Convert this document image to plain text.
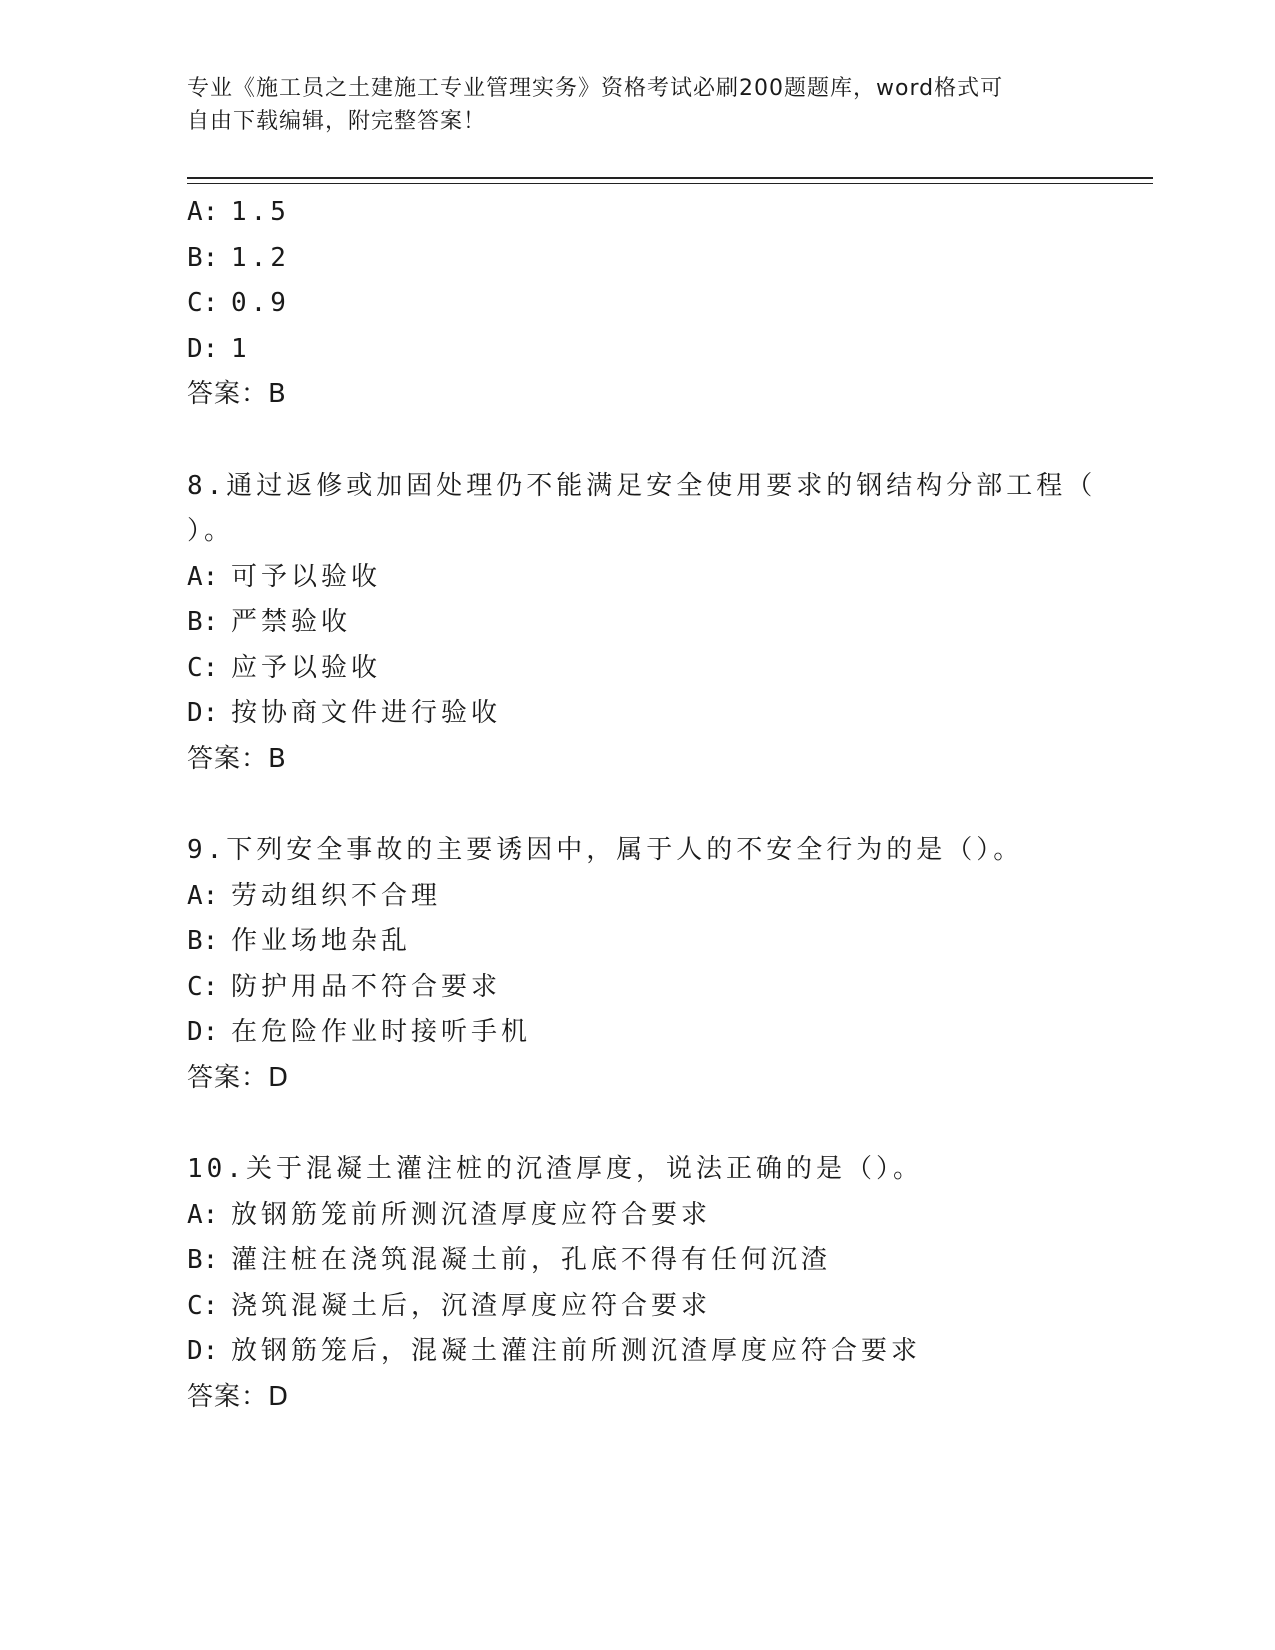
专业《施工员之土建施工专业管理实务》资格考试必刷200题题库，word格式可
自由下载编辑，附完整答案！
A: 1.5
B: 1.2
C: 0.9
D: 1
答案：B
8.通过返修或加固处理仍不能满足安全使用要求的钢结构分部工程（
）。
A: 可予以验收
B: 严禁验收
C: 应予以验收
D: 按协商文件进行验收
答案：B
9.下列安全事故的主要诱因中，属于人的不安全行为的是（）。
A: 劳动组织不合理
B: 作业场地杂乱
C: 防护用品不符合要求
D: 在危险作业时接听手机
答案：D
10.关于混凝土灌注桩的沉渣厚度，说法正确的是（）。
A: 放钢筋笼前所测沉渣厚度应符合要求
B: 灌注桩在浇筑混凝土前，孔底不得有任何沉渣
C: 浇筑混凝土后，沉渣厚度应符合要求
D: 放钢筋笼后，混凝土灌注前所测沉渣厚度应符合要求
答案：D
